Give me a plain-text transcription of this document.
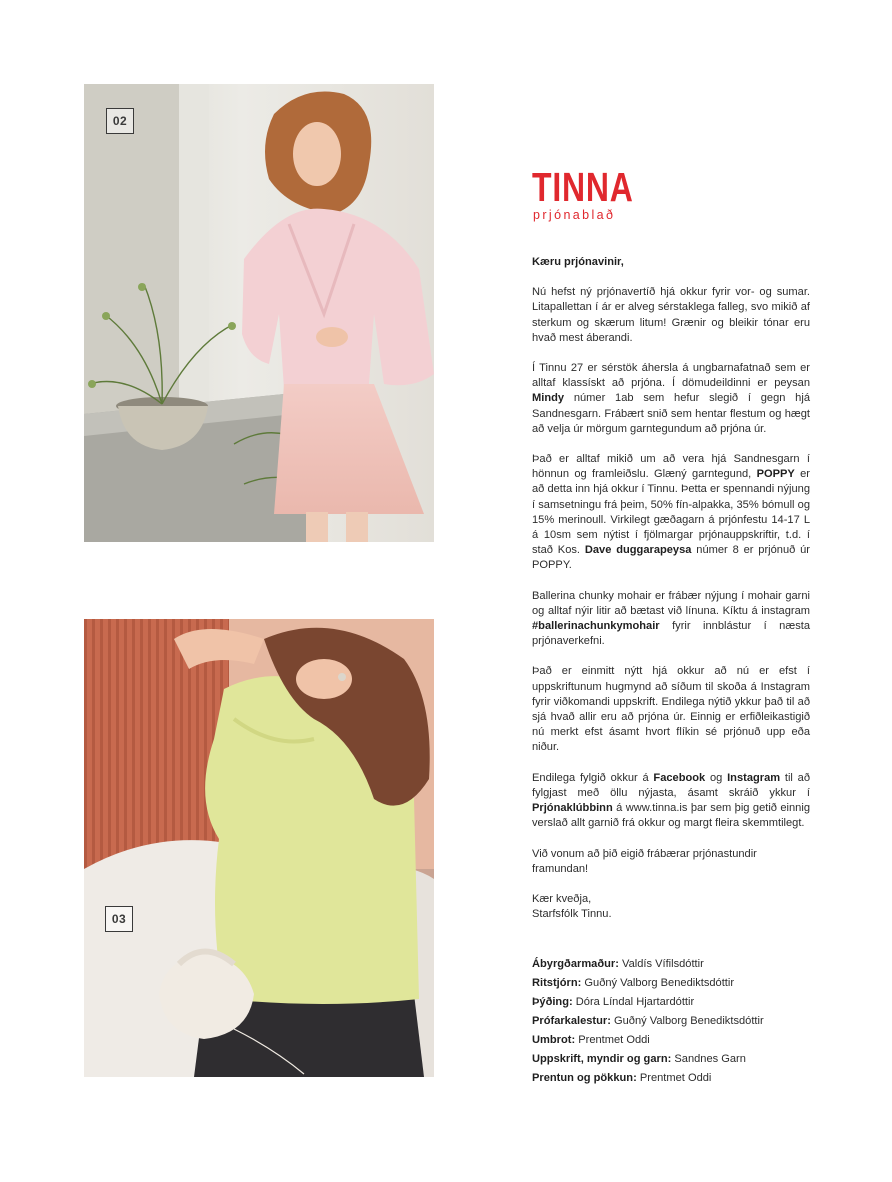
02
03
TINNA
prjónablað

Kæru prjónavinir,

Nú hefst ný prjónavertíð hjá okkur fyrir vor- og sumar. Litapallettan í ár er alveg sérstaklega falleg, svo mikið af sterkum og skærum litum! Grænir og bleikir tónar eru hvað mest áberandi.

Í Tinnu 27 er sérstök áhersla á ungbarnafatnað sem er alltaf klassískt að prjóna. Í dömudeildinni er peysan Mindy númer 1ab sem hefur slegið í gegn hjá Sandnesgarn. Frábært snið sem hentar flestum og hægt að velja úr mörgum garntegundum að prjóna úr.

Það er alltaf mikið um að vera hjá Sandnesgarn í hönnun og framleiðslu. Glæný garntegund, POPPY er að detta inn hjá okkur í Tinnu. Þetta er spennandi nýjung í samsetningu frá þeim, 50% fín-alpakka, 35% bómull og 15% merinoull. Virkilegt gæðagarn á prjónfestu 14-17 L á 10sm sem nýtist í fjölmargar prjónauppskriftir, t.d. í stað Kos. Dave duggarapeysa númer 8 er prjónuð úr POPPY.

Ballerina chunky mohair er frábær nýjung í mohair garni og alltaf nýir litir að bætast við línuna. Kíktu á instagram #ballerinachunkymohair fyrir innblástur í næsta prjónaverkefni.

Það er einmitt nýtt hjá okkur að nú er efst í uppskriftunum hugmynd að síðum til skoða á Instagram fyrir viðkomandi uppskrift. Endilega nýtið ykkur það til að sjá hvað allir eru að prjóna úr. Einnig er erfiðleikastigið nú merkt efst ásamt hvort flíkin sé prjónuð upp eða niður.

Endilega fylgið okkur á Facebook og Instagram til að fylgjast með öllu nýjasta, ásamt skráið ykkur í Prjónaklúbbinn á www.tinna.is þar sem þig getið einnig verslað allt garnið frá okkur og margt fleira skemmtilegt.

Við vonum að þið eigið frábærar prjónastundir framundan!

Kær kveðja,
Starfsfólk Tinnu.

Ábyrgðarmaður: Valdís Vífilsdóttir
Ritstjórn: Guðný Valborg Benediktsdóttir
Þýðing: Dóra Líndal Hjartardóttir
Prófarkalestur: Guðný Valborg Benediktsdóttir
Umbrot: Prentmet Oddi
Uppskrift, myndir og garn: Sandnes Garn
Prentun og pökkun: Prentmet Oddi
